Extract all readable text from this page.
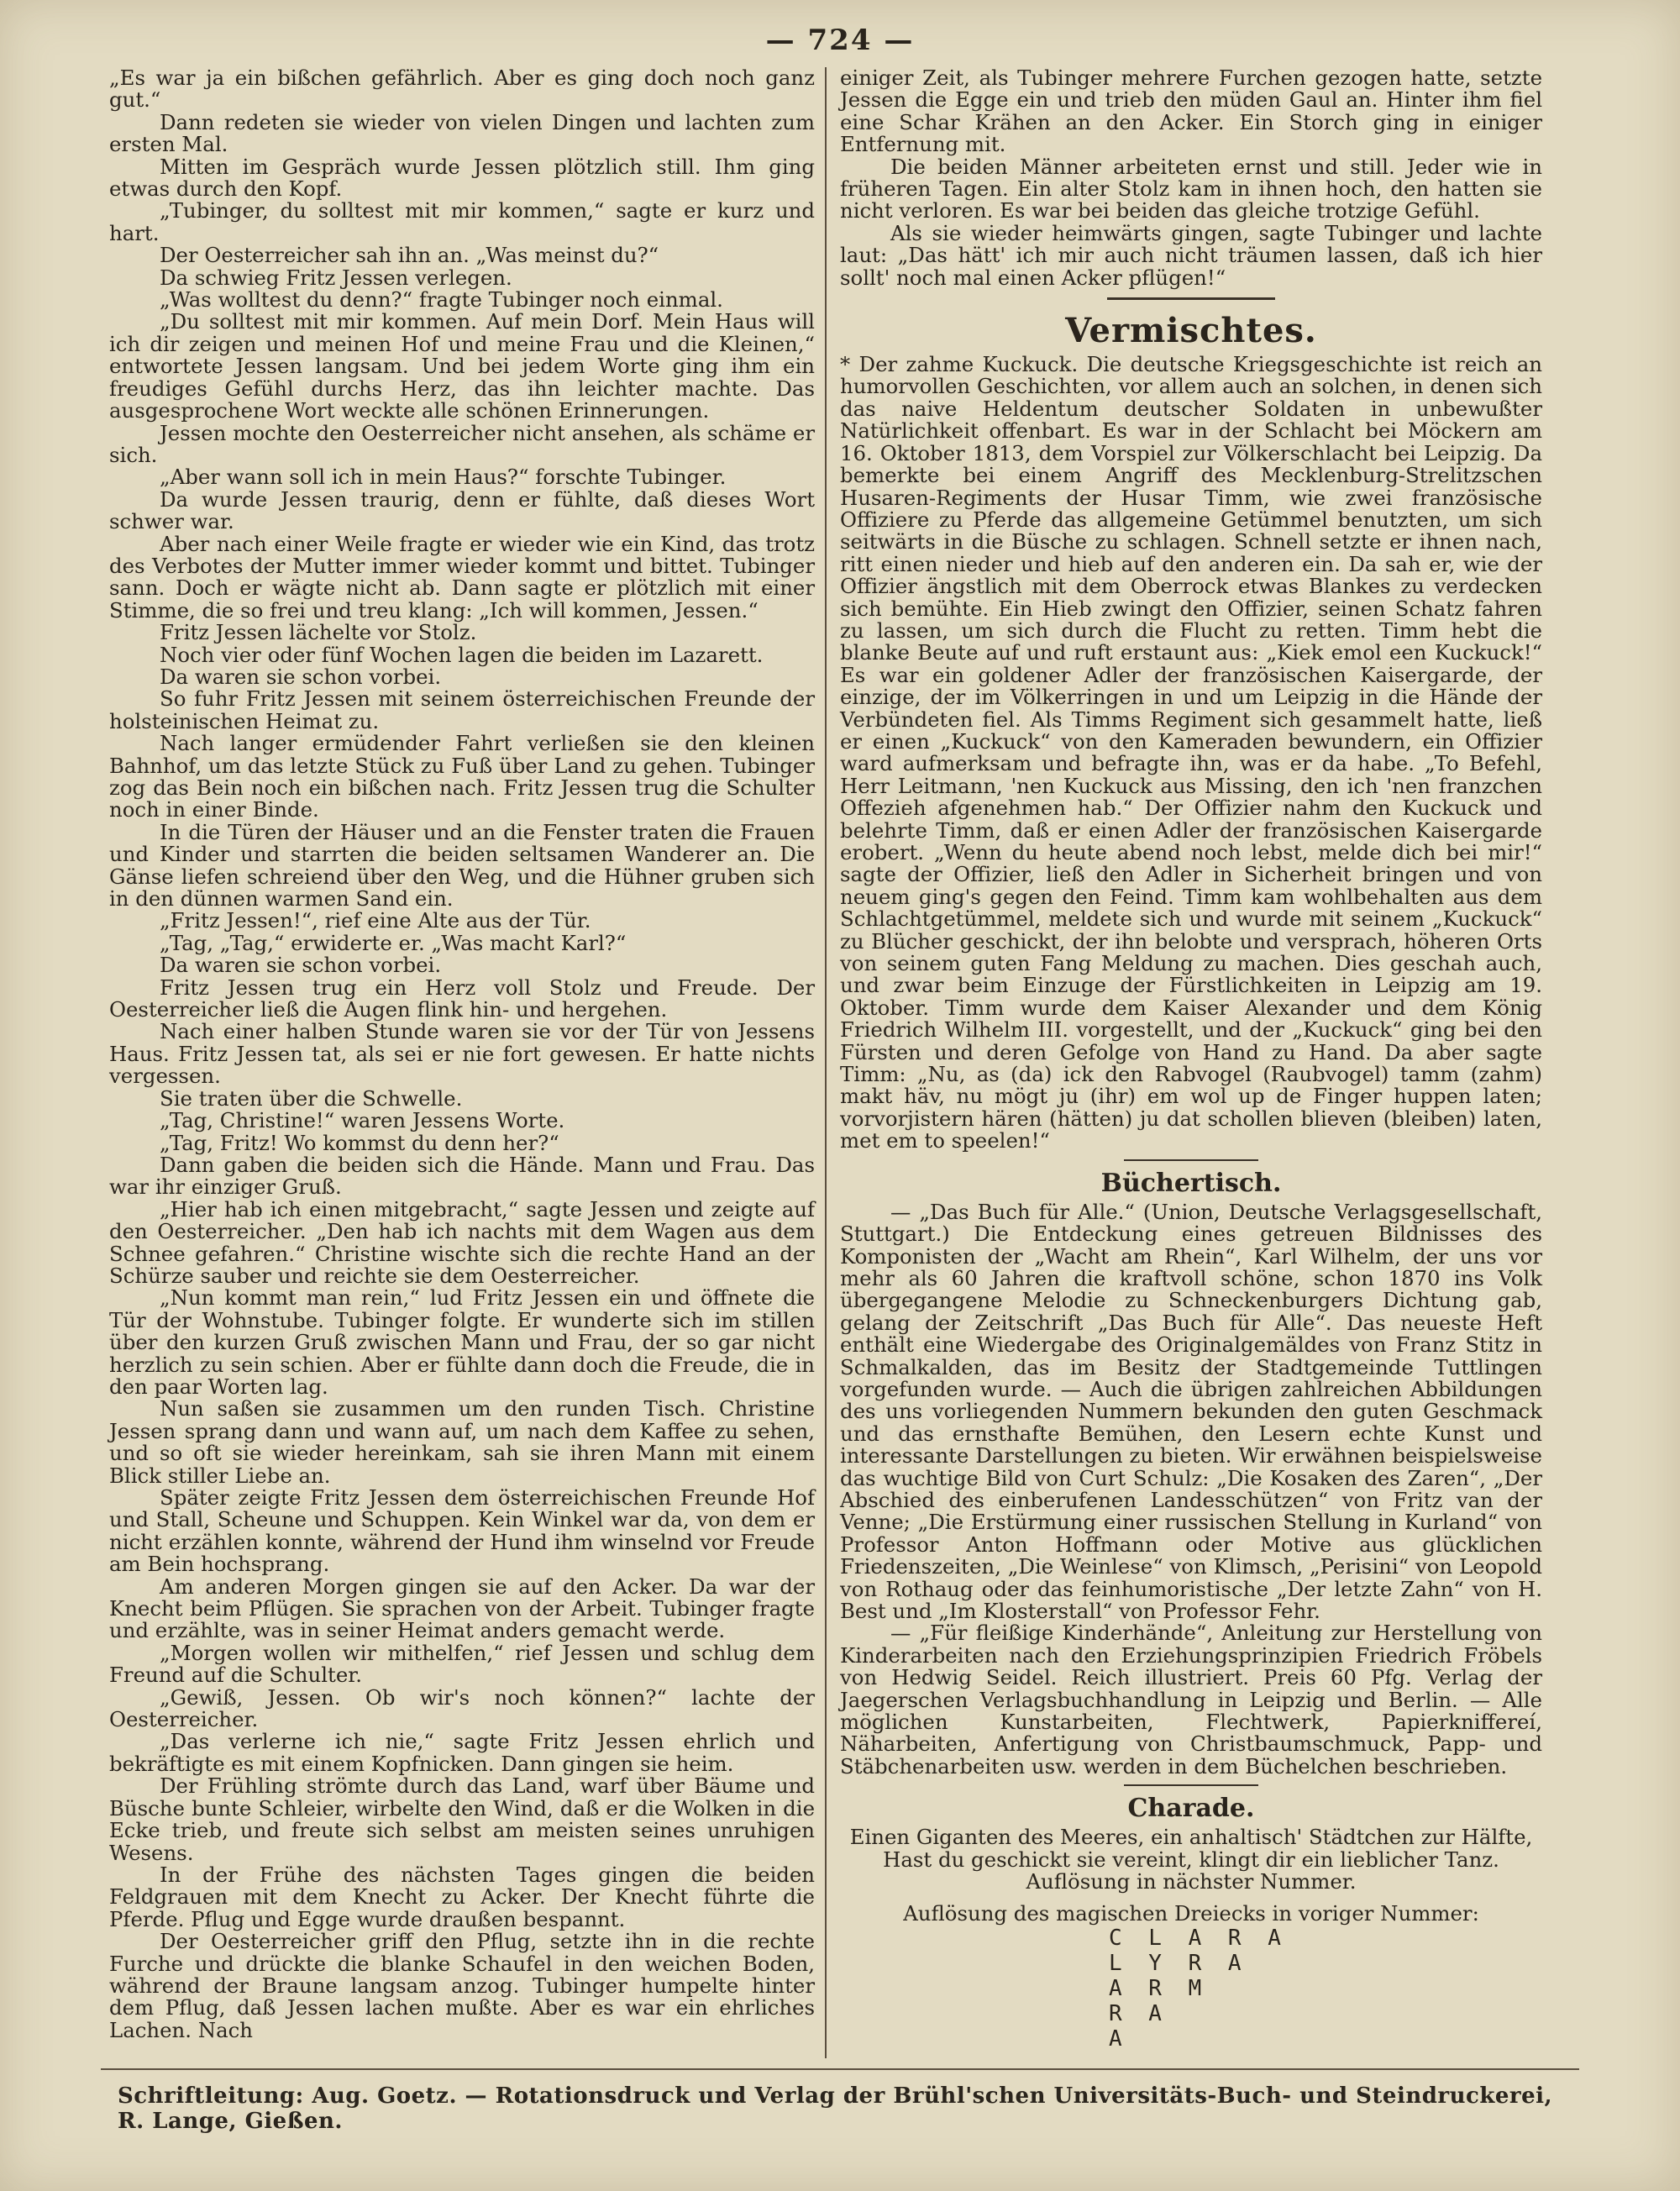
— 724 —

„Es war ja ein bißchen gefährlich. Aber es ging doch noch ganz gut.“

Dann redeten sie wieder von vielen Dingen und lachten zum ersten Mal.

Mitten im Gespräch wurde Jessen plötzlich still. Ihm ging etwas durch den Kopf.

„Tubinger, du solltest mit mir kommen,“ sagte er kurz und hart.

Der Oesterreicher sah ihn an. „Was meinst du?“

Da schwieg Fritz Jessen verlegen.

„Was wolltest du denn?“ fragte Tubinger noch einmal.

„Du solltest mit mir kommen. Auf mein Dorf. Mein Haus will ich dir zeigen und meinen Hof und meine Frau und die Kleinen,“ entwortete Jessen langsam. Und bei jedem Worte ging ihm ein freudiges Gefühl durchs Herz, das ihn leichter machte. Das ausgesprochene Wort weckte alle schönen Erinnerungen.

Jessen mochte den Oesterreicher nicht ansehen, als schäme er sich.

„Aber wann soll ich in mein Haus?“ forschte Tubinger.

Da wurde Jessen traurig, denn er fühlte, daß dieses Wort schwer war.

Aber nach einer Weile fragte er wieder wie ein Kind, das trotz des Verbotes der Mutter immer wieder kommt und bittet. Tubinger sann. Doch er wägte nicht ab. Dann sagte er plötzlich mit einer Stimme, die so frei und treu klang: „Ich will kommen, Jessen.“

Fritz Jessen lächelte vor Stolz.

Noch vier oder fünf Wochen lagen die beiden im Lazarett.

Da waren sie schon vorbei.

So fuhr Fritz Jessen mit seinem österreichischen Freunde der holsteinischen Heimat zu.

Nach langer ermüdender Fahrt verließen sie den kleinen Bahnhof, um das letzte Stück zu Fuß über Land zu gehen. Tubinger zog das Bein noch ein bißchen nach. Fritz Jessen trug die Schulter noch in einer Binde.

In die Türen der Häuser und an die Fenster traten die Frauen und Kinder und starrten die beiden seltsamen Wanderer an. Die Gänse liefen schreiend über den Weg, und die Hühner gruben sich in den dünnen warmen Sand ein.

„Fritz Jessen!“, rief eine Alte aus der Tür.

„Tag, „Tag,“ erwiderte er. „Was macht Karl?“

Da waren sie schon vorbei.

Fritz Jessen trug ein Herz voll Stolz und Freude. Der Oesterreicher ließ die Augen flink hin- und hergehen.

Nach einer halben Stunde waren sie vor der Tür von Jessens Haus. Fritz Jessen tat, als sei er nie fort gewesen. Er hatte nichts vergessen.

Sie traten über die Schwelle.

„Tag, Christine!“ waren Jessens Worte.

„Tag, Fritz! Wo kommst du denn her?“

Dann gaben die beiden sich die Hände. Mann und Frau. Das war ihr einziger Gruß.

„Hier hab ich einen mitgebracht,“ sagte Jessen und zeigte auf den Oesterreicher. „Den hab ich nachts mit dem Wagen aus dem Schnee gefahren.“ Christine wischte sich die rechte Hand an der Schürze sauber und reichte sie dem Oesterreicher.

„Nun kommt man rein,“ lud Fritz Jessen ein und öffnete die Tür der Wohnstube. Tubinger folgte. Er wunderte sich im stillen über den kurzen Gruß zwischen Mann und Frau, der so gar nicht herzlich zu sein schien. Aber er fühlte dann doch die Freude, die in den paar Worten lag.

Nun saßen sie zusammen um den runden Tisch. Christine Jessen sprang dann und wann auf, um nach dem Kaffee zu sehen, und so oft sie wieder hereinkam, sah sie ihren Mann mit einem Blick stiller Liebe an.

Später zeigte Fritz Jessen dem österreichischen Freunde Hof und Stall, Scheune und Schuppen. Kein Winkel war da, von dem er nicht erzählen konnte, während der Hund ihm winselnd vor Freude am Bein hochsprang.

Am anderen Morgen gingen sie auf den Acker. Da war der Knecht beim Pflügen. Sie sprachen von der Arbeit. Tubinger fragte und erzählte, was in seiner Heimat anders gemacht werde.

„Morgen wollen wir mithelfen,“ rief Jessen und schlug dem Freund auf die Schulter.

„Gewiß, Jessen. Ob wir's noch können?“ lachte der Oesterreicher.

„Das verlerne ich nie,“ sagte Fritz Jessen ehrlich und bekräftigte es mit einem Kopfnicken. Dann gingen sie heim.

Der Frühling strömte durch das Land, warf über Bäume und Büsche bunte Schleier, wirbelte den Wind, daß er die Wolken in die Ecke trieb, und freute sich selbst am meisten seines unruhigen Wesens.

In der Frühe des nächsten Tages gingen die beiden Feldgrauen mit dem Knecht zu Acker. Der Knecht führte die Pferde. Pflug und Egge wurde draußen bespannt.

Der Oesterreicher griff den Pflug, setzte ihn in die rechte Furche und drückte die blanke Schaufel in den weichen Boden, während der Braune langsam anzog. Tubinger humpelte hinter dem Pflug, daß Jessen lachen mußte. Aber es war ein ehrliches Lachen. Nach

einiger Zeit, als Tubinger mehrere Furchen gezogen hatte, setzte Jessen die Egge ein und trieb den müden Gaul an. Hinter ihm fiel eine Schar Krähen an den Acker. Ein Storch ging in einiger Entfernung mit.

Die beiden Männer arbeiteten ernst und still. Jeder wie in früheren Tagen. Ein alter Stolz kam in ihnen hoch, den hatten sie nicht verloren. Es war bei beiden das gleiche trotzige Gefühl.

Als sie wieder heimwärts gingen, sagte Tubinger und lachte laut: „Das hätt' ich mir auch nicht träumen lassen, daß ich hier sollt' noch mal einen Acker pflügen!“

Vermischtes.

* Der zahme Kuckuck. Die deutsche Kriegsgeschichte ist reich an humorvollen Geschichten, vor allem auch an solchen, in denen sich das naive Heldentum deutscher Soldaten in unbewußter Natürlichkeit offenbart. Es war in der Schlacht bei Möckern am 16. Oktober 1813, dem Vorspiel zur Völkerschlacht bei Leipzig. Da bemerkte bei einem Angriff des Mecklenburg-Strelitzschen Husaren-Regiments der Husar Timm, wie zwei französische Offiziere zu Pferde das allgemeine Getümmel benutzten, um sich seitwärts in die Büsche zu schlagen. Schnell setzte er ihnen nach, ritt einen nieder und hieb auf den anderen ein. Da sah er, wie der Offizier ängstlich mit dem Oberrock etwas Blankes zu verdecken sich bemühte. Ein Hieb zwingt den Offizier, seinen Schatz fahren zu lassen, um sich durch die Flucht zu retten. Timm hebt die blanke Beute auf und ruft erstaunt aus: „Kiek emol een Kuckuck!“ Es war ein goldener Adler der französischen Kaisergarde, der einzige, der im Völkerringen in und um Leipzig in die Hände der Verbündeten fiel. Als Timms Regiment sich gesammelt hatte, ließ er einen „Kuckuck“ von den Kameraden bewundern, ein Offizier ward aufmerksam und befragte ihn, was er da habe. „To Befehl, Herr Leitmann, 'nen Kuckuck aus Missing, den ich 'nen franzchen Offezieh afgenehmen hab.“ Der Offizier nahm den Kuckuck und belehrte Timm, daß er einen Adler der französischen Kaisergarde erobert. „Wenn du heute abend noch lebst, melde dich bei mir!“ sagte der Offizier, ließ den Adler in Sicherheit bringen und von neuem ging's gegen den Feind. Timm kam wohlbehalten aus dem Schlachtgetümmel, meldete sich und wurde mit seinem „Kuckuck“ zu Blücher geschickt, der ihn belobte und versprach, höheren Orts von seinem guten Fang Meldung zu machen. Dies geschah auch, und zwar beim Einzuge der Fürstlichkeiten in Leipzig am 19. Oktober. Timm wurde dem Kaiser Alexander und dem König Friedrich Wilhelm III. vorgestellt, und der „Kuckuck“ ging bei den Fürsten und deren Gefolge von Hand zu Hand. Da aber sagte Timm: „Nu, as (da) ick den Rabvogel (Raubvogel) tamm (zahm) makt häv, nu mögt ju (ihr) em wol up de Finger huppen laten; vorvorjistern hären (hätten) ju dat schollen blieven (bleiben) laten, met em to speelen!“

Büchertisch.

— „Das Buch für Alle.“ (Union, Deutsche Verlagsgesellschaft, Stuttgart.) Die Entdeckung eines getreuen Bildnisses des Komponisten der „Wacht am Rhein“, Karl Wilhelm, der uns vor mehr als 60 Jahren die kraftvoll schöne, schon 1870 ins Volk übergegangene Melodie zu Schneckenburgers Dichtung gab, gelang der Zeitschrift „Das Buch für Alle“. Das neueste Heft enthält eine Wiedergabe des Originalgemäldes von Franz Stitz in Schmalkalden, das im Besitz der Stadtgemeinde Tuttlingen vorgefunden wurde. — Auch die übrigen zahlreichen Abbildungen des uns vorliegenden Nummern bekunden den guten Geschmack und das ernsthafte Bemühen, den Lesern echte Kunst und interessante Darstellungen zu bieten. Wir erwähnen beispielsweise das wuchtige Bild von Curt Schulz: „Die Kosaken des Zaren“, „Der Abschied des einberufenen Landesschützen“ von Fritz van der Venne; „Die Erstürmung einer russischen Stellung in Kurland“ von Professor Anton Hoffmann oder Motive aus glücklichen Friedenszeiten, „Die Weinlese“ von Klimsch, „Perisini“ von Leopold von Rothaug oder das feinhumoristische „Der letzte Zahn“ von H. Best und „Im Klosterstall“ von Professor Fehr.

— „Für fleißige Kinderhände“, Anleitung zur Herstellung von Kinderarbeiten nach den Erziehungsprinzipien Friedrich Fröbels von Hedwig Seidel. Reich illustriert. Preis 60 Pfg. Verlag der Jaegerschen Verlagsbuchhandlung in Leipzig und Berlin. — Alle möglichen Kunstarbeiten, Flechtwerk, Papierkniffereí, Näharbeiten, Anfertigung von Christbaumschmuck, Papp- und Stäbchenarbeiten usw. werden in dem Büchelchen beschrieben.

Charade.

Einen Giganten des Meeres, ein anhaltisch' Städtchen zur Hälfte,

Hast du geschickt sie vereint, klingt dir ein lieblicher Tanz.

Auflösung in nächster Nummer.

Auflösung des magischen Dreiecks in voriger Nummer:

C L A R A
L Y R A
A R M
R A
A
Schriftleitung: Aug. Goetz. — Rotationsdruck und Verlag der Brühl'schen Universitäts-Buch- und Steindruckerei, R. Lange, Gießen.
